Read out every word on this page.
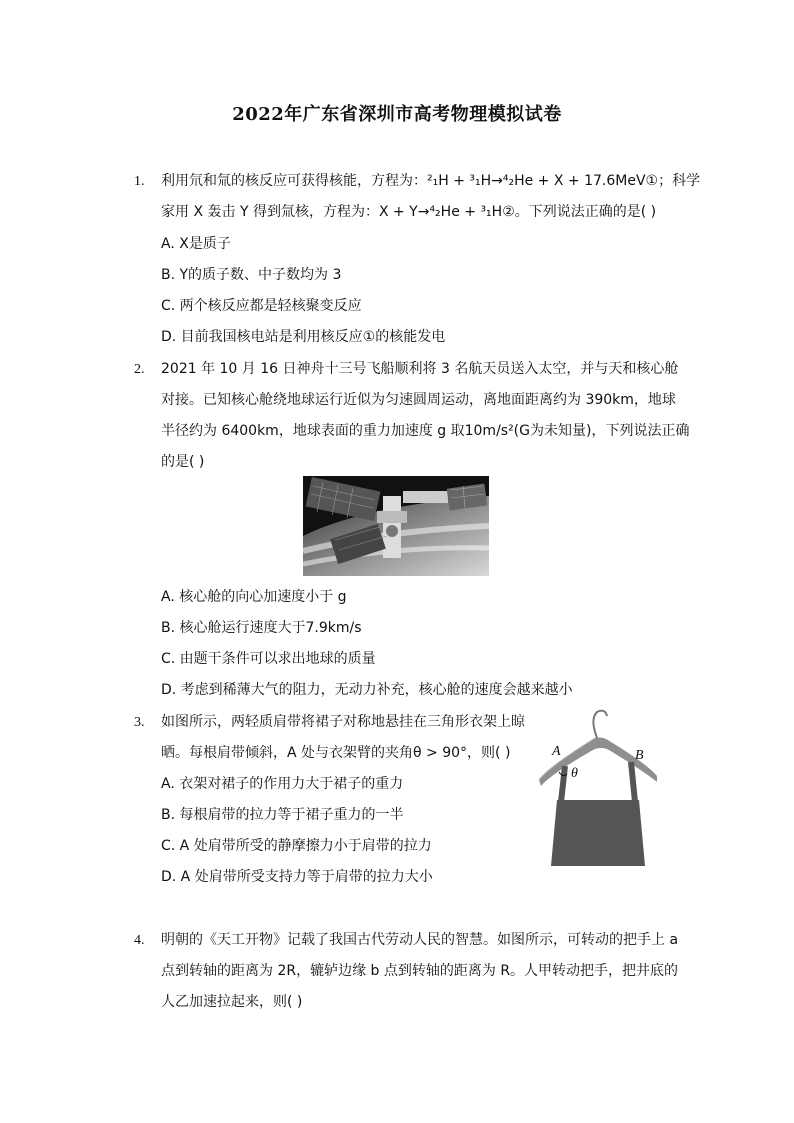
2022年广东省深圳市高考物理模拟试卷
1. 利用氘和氚的核反应可获得核能，方程为：²₁H + ³₁H→⁴₂He + X + 17.6MeV①；科学
家用 X 轰击 Y 得到氚核，方程为：X + Y→⁴₂He + ³₁H②。下列说法正确的是( )
A. X是质子
B. Y的质子数、中子数均为 3
C. 两个核反应都是轻核聚变反应
D. 目前我国核电站是利用核反应①的核能发电
2. 2021 年 10 月 16 日神舟十三号飞船顺利将 3 名航天员送入太空，并与天和核心舱
对接。已知核心舱绕地球运行近似为匀速圆周运动，离地面距离约为 390km，地球
半径约为 6400km，地球表面的重力加速度 g 取10m/s²(G为未知量)，下列说法正确
的是( )
A. 核心舱的向心加速度小于 g
B. 核心舱运行速度大于7.9km/s
C. 由题干条件可以求出地球的质量
D. 考虑到稀薄大气的阻力，无动力补充，核心舱的速度会越来越小
3. 如图所示，两轻质肩带将裙子对称地悬挂在三角形衣架上晾
晒。每根肩带倾斜，A 处与衣架臂的夹角θ > 90°，则( )
A. 衣架对裙子的作用力大于裙子的重力
B. 每根肩带的拉力等于裙子重力的一半
C. A 处肩带所受的静摩擦力小于肩带的拉力
D. A 处肩带所受支持力等于肩带的拉力大小
A	B
θ
4. 明朝的《天工开物》记载了我国古代劳动人民的智慧。如图所示，可转动的把手上 a
点到转轴的距离为 2R，辘轳边缘 b 点到转轴的距离为 R。人甲转动把手，把井底的
人乙加速拉起来，则( )
